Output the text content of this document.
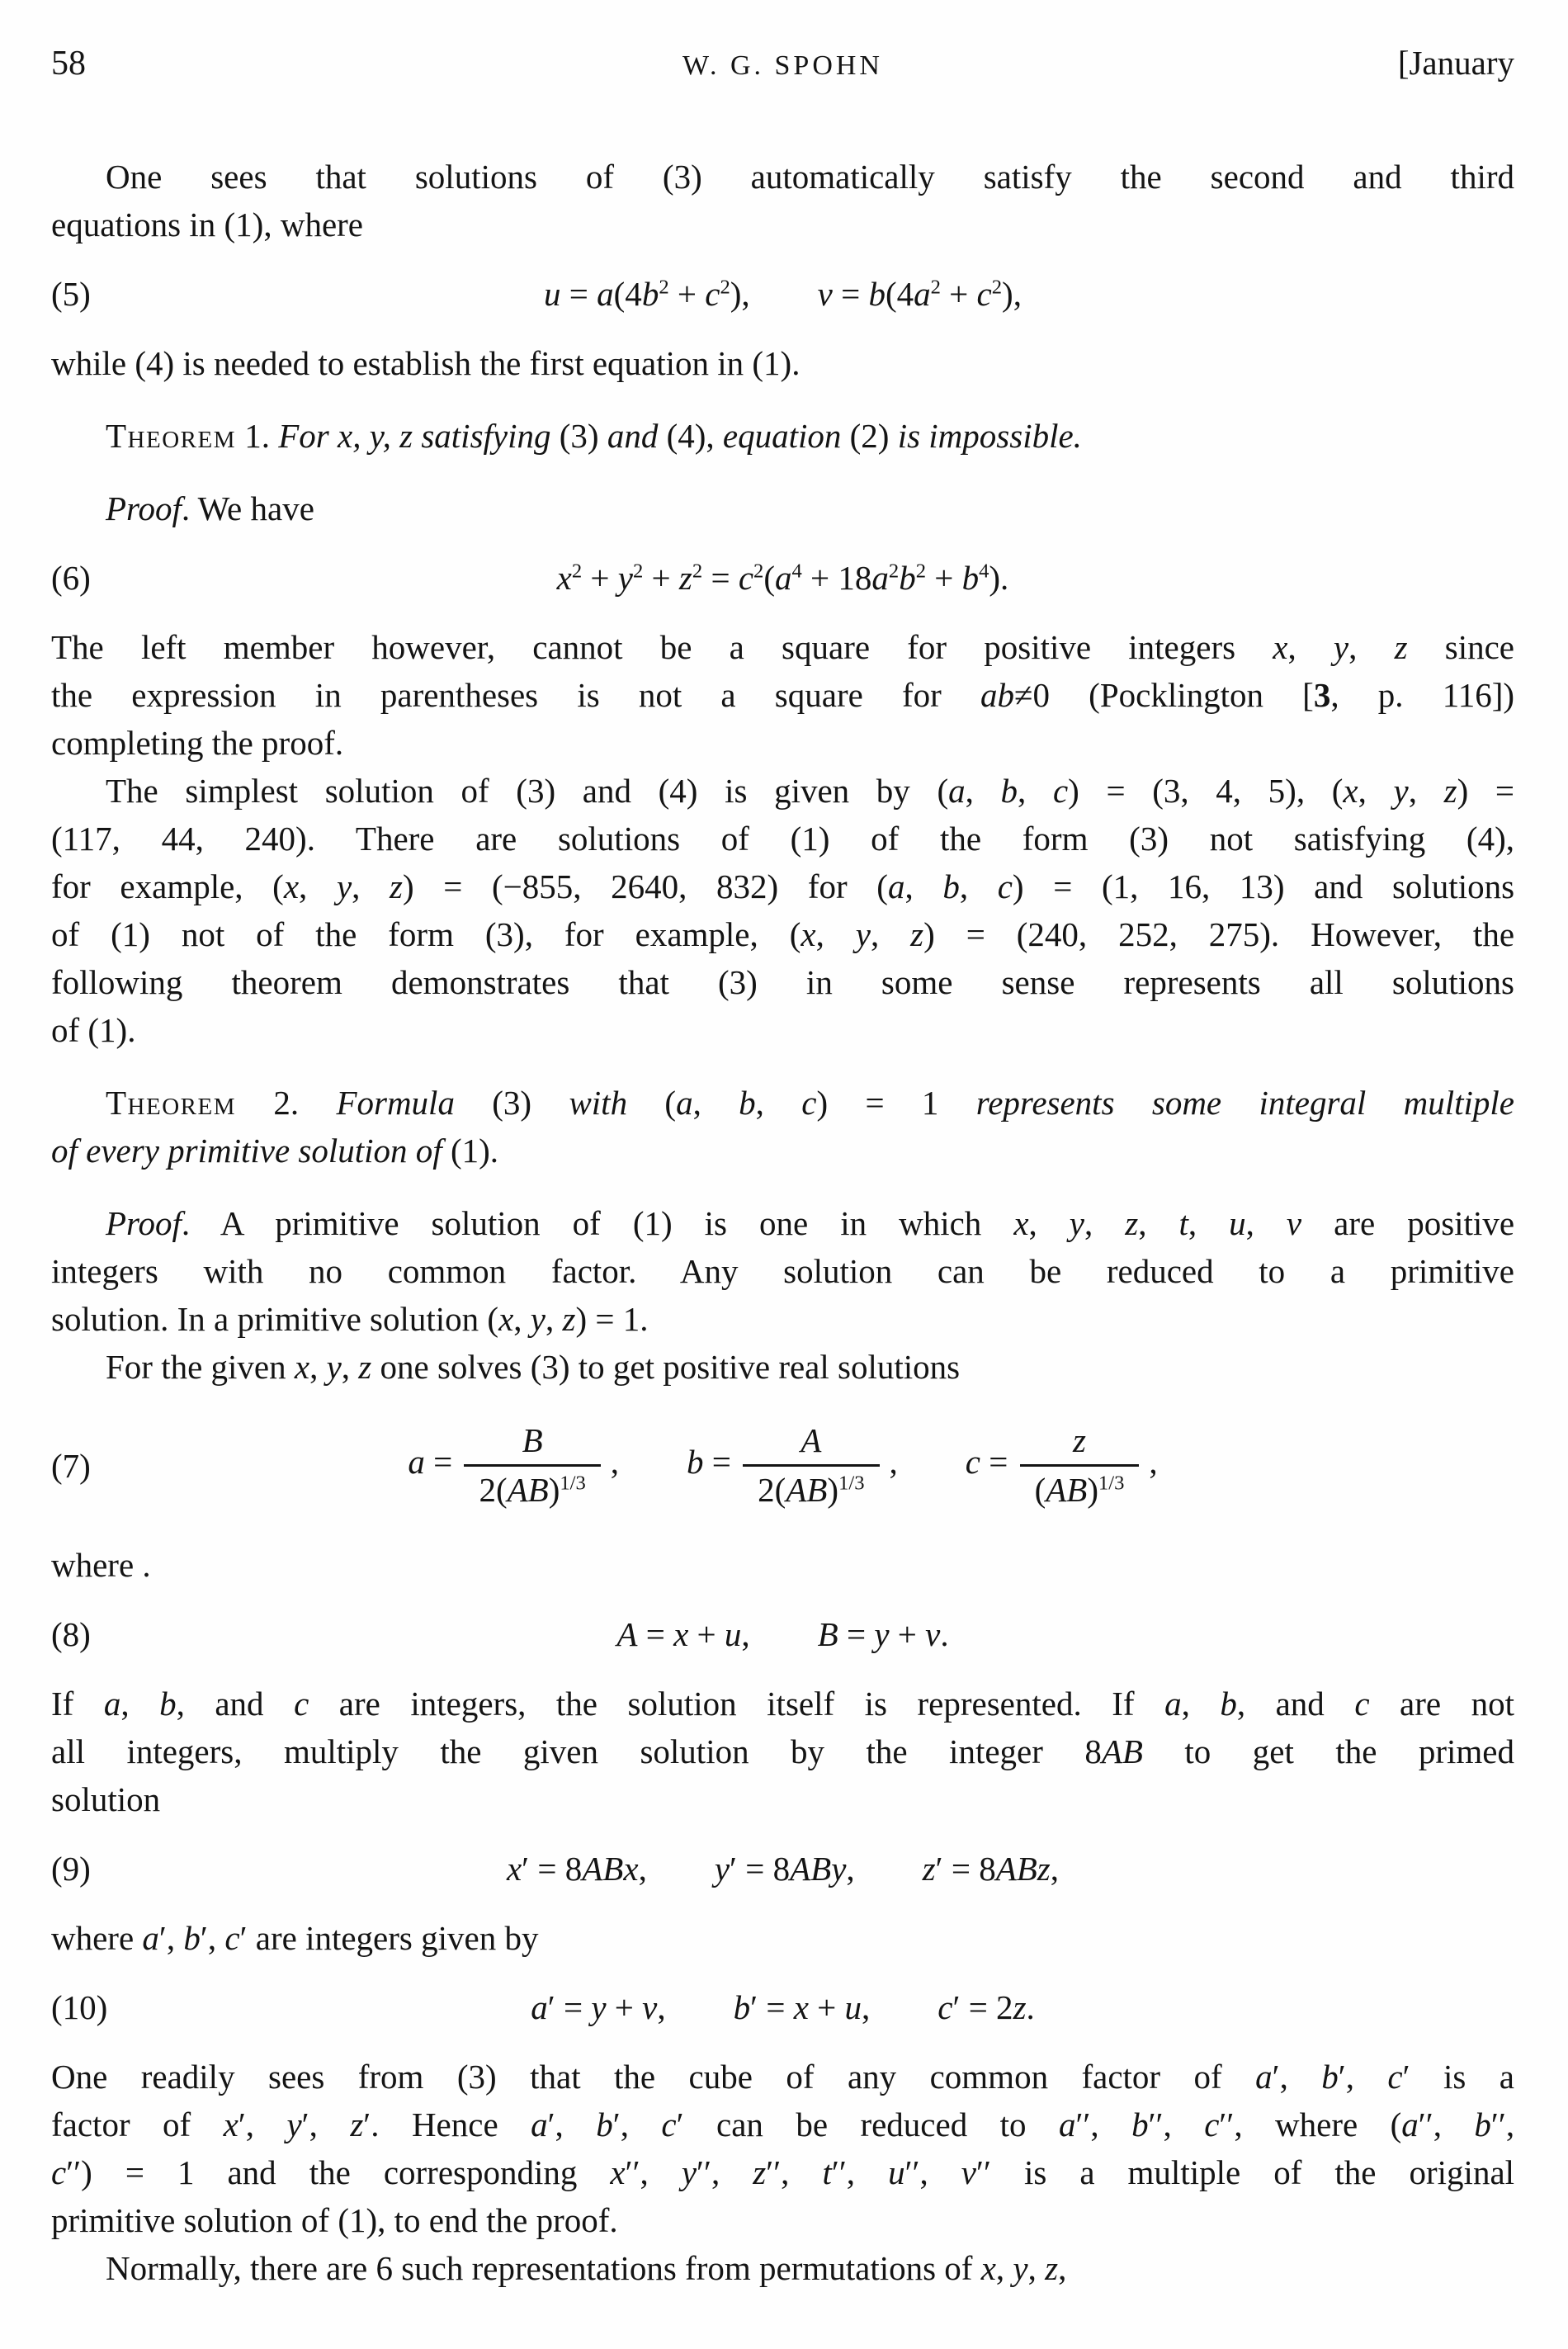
58	W. G. SPOHN	[January
One sees that solutions of (3) automatically satisfy the second and third
equations in (1), where
(5)	$u = a(4b^2 + c^2)$,  $v = b(4a^2 + c^2)$,
while (4) is needed to establish the first equation in (1).
Theorem 1. For x, y, z satisfying (3) and (4), equation (2) is impossible.
Proof. We have
(6)	$x^2 + y^2 + z^2 = c^2(a^4 + 18a^2b^2 + b^4)$.
The left member however, cannot be a square for positive integers x, y, z since
the expression in parentheses is not a square for ab≠0 (Pocklington [3, p. 116])
completing the proof.
The simplest solution of (3) and (4) is given by (a, b, c) = (3, 4, 5), (x, y, z) =
(117, 44, 240). There are solutions of (1) of the form (3) not satisfying (4),
for example, (x, y, z) = (−855, 2640, 832) for (a, b, c) = (1, 16, 13) and solutions
of (1) not of the form (3), for example, (x, y, z) = (240, 252, 275). However, the
following theorem demonstrates that (3) in some sense represents all solutions
of (1).
Theorem 2. Formula (3) with (a, b, c) = 1 represents some integral multiple
of every primitive solution of (1).
Proof. A primitive solution of (1) is one in which x, y, z, t, u, v are positive
integers with no common factor. Any solution can be reduced to a primitive
solution. In a primitive solution (x, y, z) = 1.
For the given x, y, z one solves (3) to get positive real solutions
(7)	$a = \frac{B}{2(AB)^{1/3}}$ ,   $b = \frac{A}{2(AB)^{1/3}}$ ,   $c = \frac{z}{(AB)^{1/3}}$ ,
where .
(8)	A = x + u,  B = y + v.
If a, b, and c are integers, the solution itself is represented. If a, b, and c are not
all integers, multiply the given solution by the integer 8AB to get the primed
solution
(9)	x′ = 8ABx,  y′ = 8ABy,  z′ = 8ABz,
where a′, b′, c′ are integers given by
(10)	a′ = y + v,  b′ = x + u,  c′ = 2z.
One readily sees from (3) that the cube of any common factor of a′, b′, c′ is a
factor of x′, y′, z′. Hence a′, b′, c′ can be reduced to a′′, b′′, c′′, where (a′′, b′′,
c′′) = 1 and the corresponding x′′, y′′, z′′, t′′, u′′, v′′ is a multiple of the original
primitive solution of (1), to end the proof.
Normally, there are 6 such representations from permutations of x, y, z,
